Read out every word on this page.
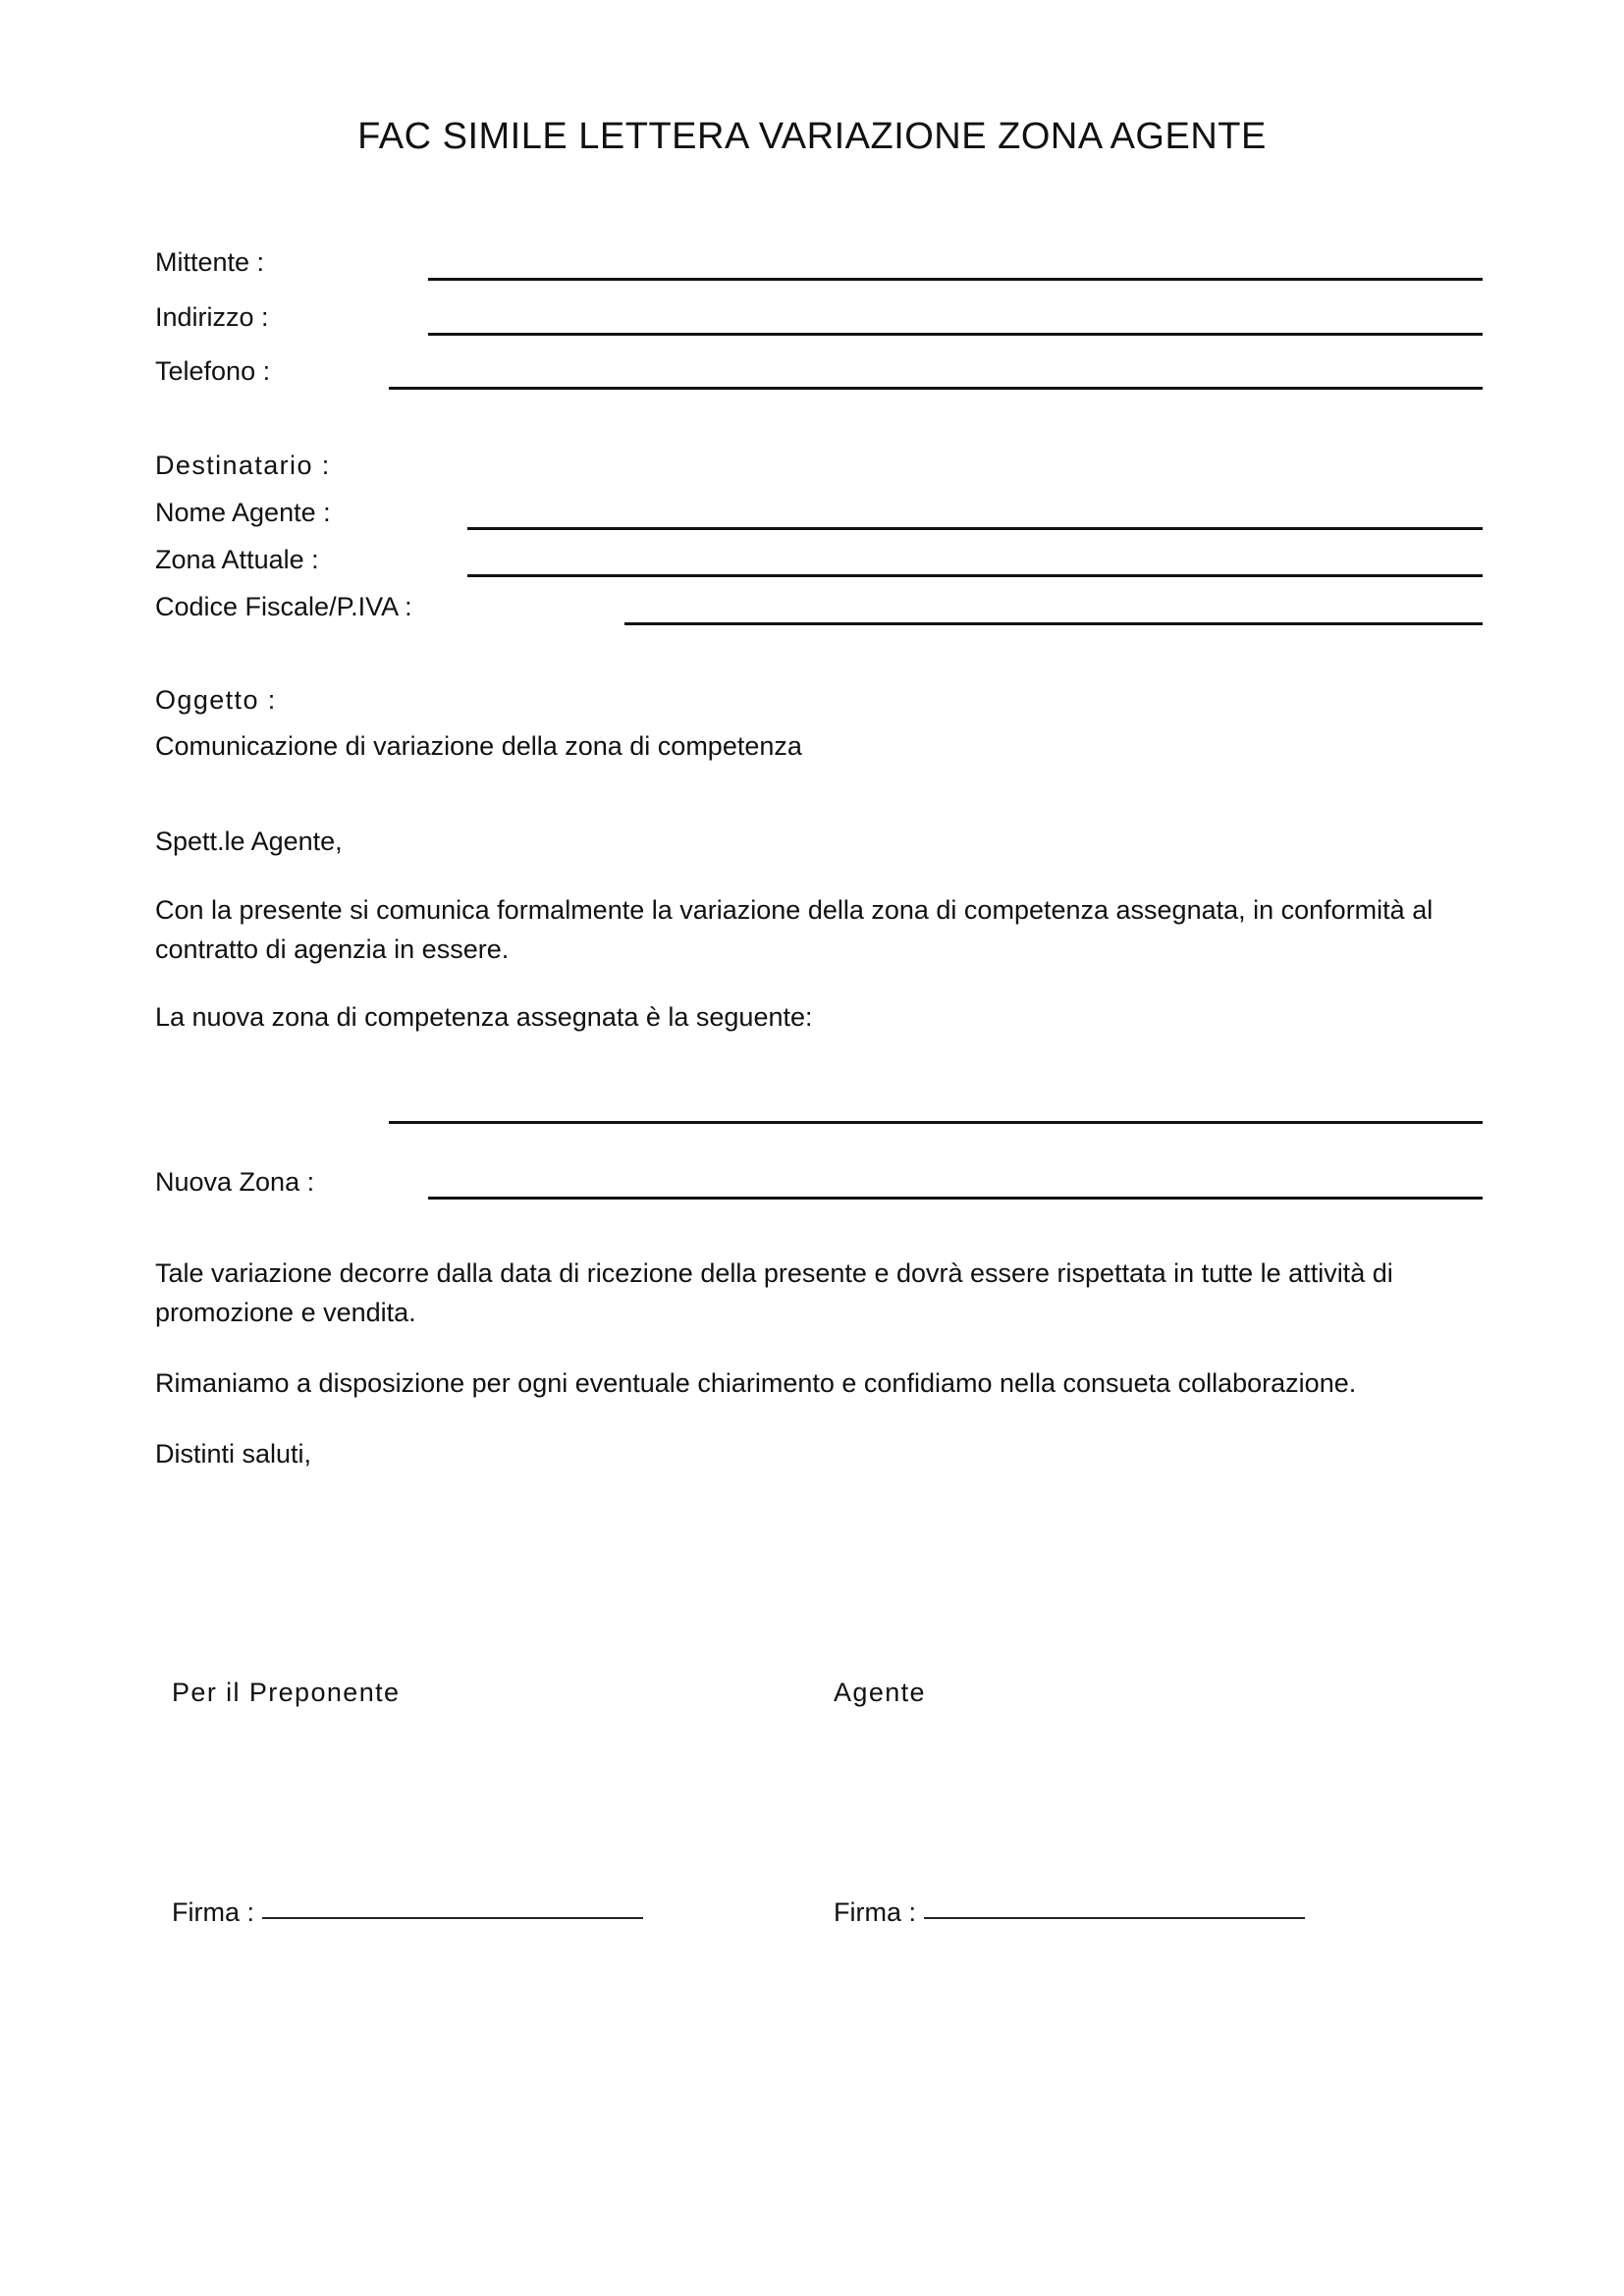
FAC SIMILE LETTERA VARIAZIONE ZONA AGENTE
Mittente :
Indirizzo :
Telefono :
Destinatario :
Nome Agente :
Zona Attuale :
Codice Fiscale/P.IVA :
Oggetto :
Comunicazione di variazione della zona di competenza
Spett.le Agente,
Con la presente si comunica formalmente la variazione della zona di competenza assegnata, in conformità al contratto di agenzia in essere.
La nuova zona di competenza assegnata è la seguente:
Nuova Zona :
Tale variazione decorre dalla data di ricezione della presente e dovrà essere rispettata in tutte le attività di promozione e vendita.
Rimaniamo a disposizione per ogni eventuale chiarimento e confidiamo nella consueta collaborazione.
Distinti saluti,
Per il Preponente	Agente
Firma :	Firma :
